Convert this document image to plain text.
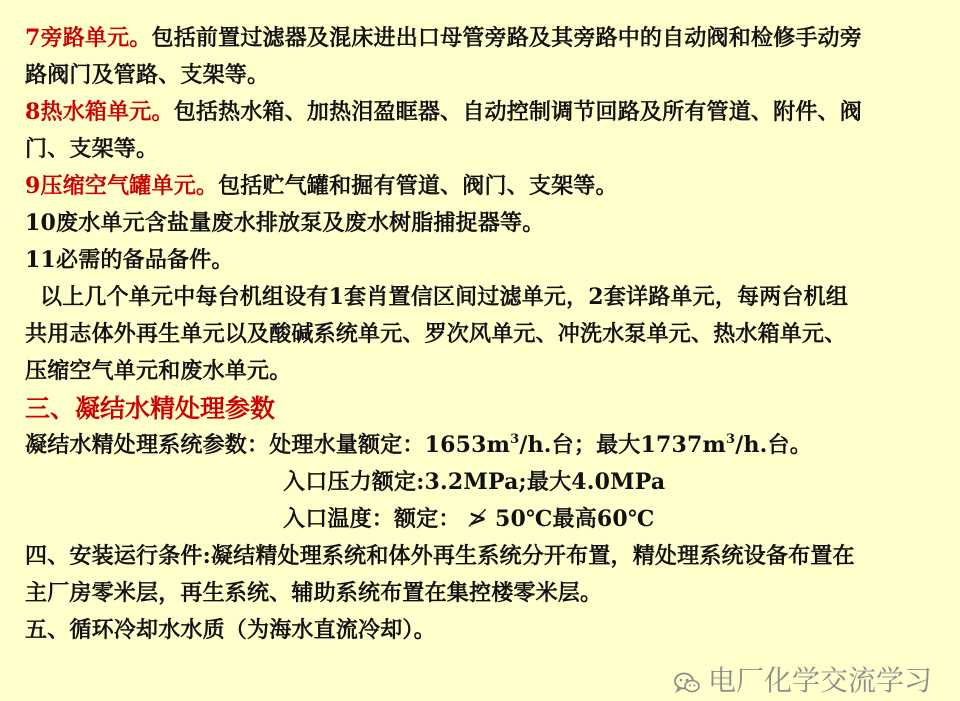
7旁路单元。包括前置过滤器及混床进出口母管旁路及其旁路中的自动阀和检修手动旁
路阀门及管路、支架等。
8热水箱单元。包括热水箱、加热泪盈眶器、自动控制调节回路及所有管道、附件、阀
门、支架等。
9压缩空气罐单元。包括贮气罐和掘有管道、阀门、支架等。
10废水单元含盐量废水排放泵及废水树脂捕捉器等。
11必需的备品备件。
以上几个单元中每台机组设有1套肖置信区间过滤单元，2套详路单元，每两台机组
共用志体外再生单元以及酸碱系统单元、罗次风单元、冲洗水泵单元、热水箱单元、
压缩空气单元和废水单元。
三、凝结水精处理参数
凝结水精处理系统参数：处理水量额定：$1653m^3/h$.台；最大$1737m^3/h$.台。
入口压力额定:3.2MPa;最大4.0MPa
入口温度：额定： ≯ 50℃最高60℃
四、安装运行条件:凝结精处理系统和体外再生系统分开布置，精处理系统设备布置在
主厂房零米层，再生系统、辅助系统布置在集控楼零米层。
五、循环冷却水水质（为海水直流冷却）。
电厂化学交流学习
